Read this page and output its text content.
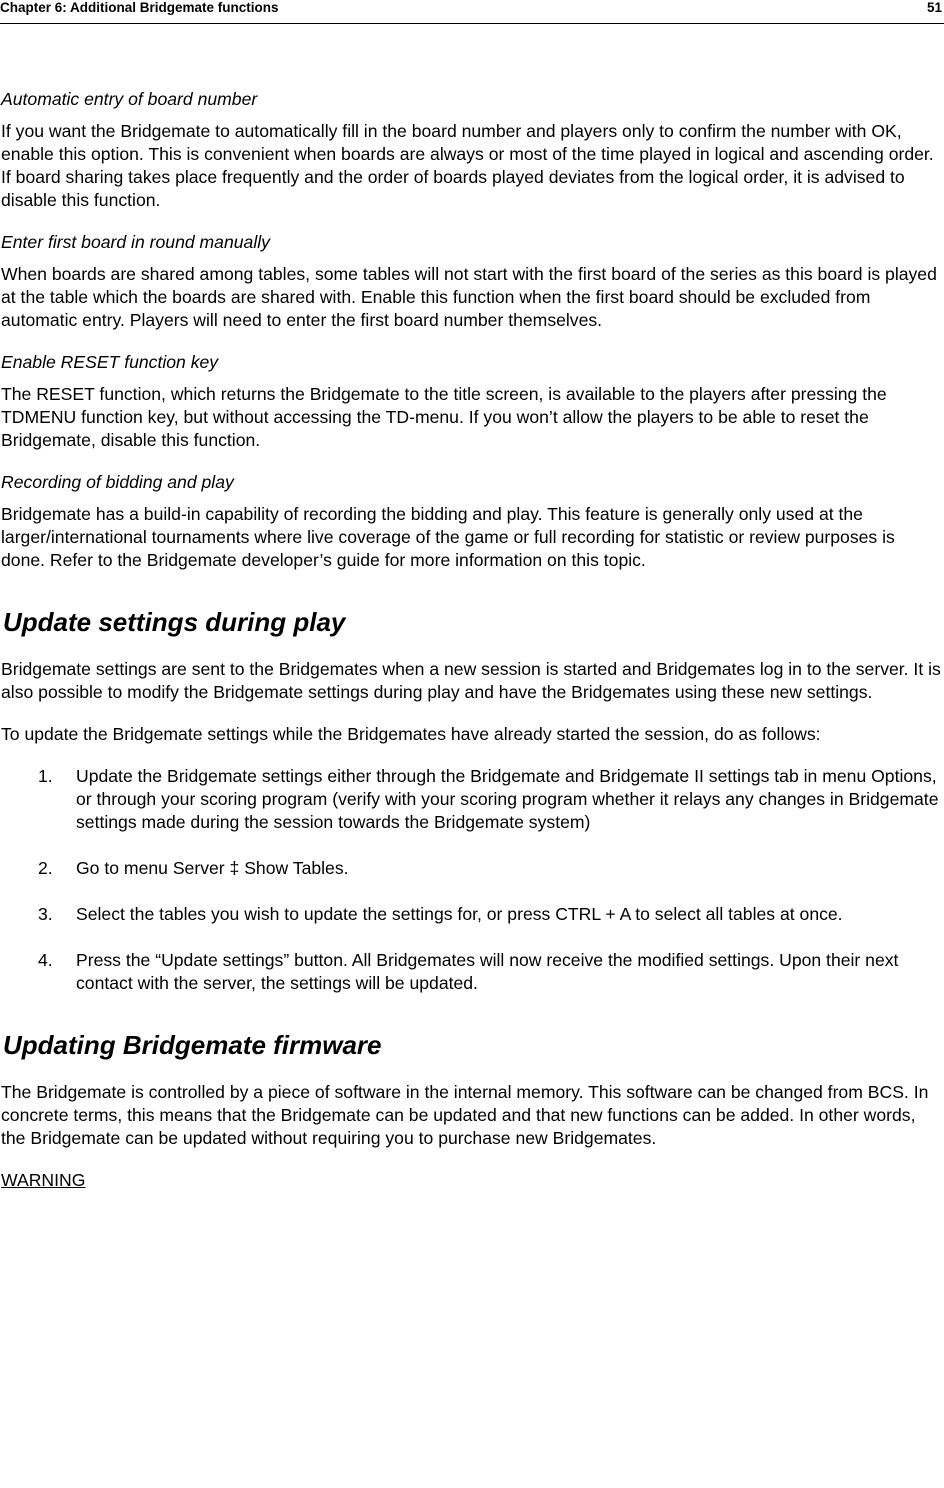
Chapter 6: Additional Bridgemate functions	51

Automatic entry of board number

If you want the Bridgemate to automatically fill in the board number and players only to confirm the number with OK, enable this option. This is convenient when boards are always or most of the time played in logical and ascending order. If board sharing takes place frequently and the order of boards played deviates from the logical order, it is advised to disable this function.

Enter first board in round manually

When boards are shared among tables, some tables will not start with the first board of the series as this board is played at the table which the boards are shared with. Enable this function when the first board should be excluded from automatic entry. Players will need to enter the first board number themselves.

Enable RESET function key

The RESET function, which returns the Bridgemate to the title screen, is available to the players after pressing the TDMENU function key, but without accessing the TD-menu. If you won’t allow the players to be able to reset the Bridgemate, disable this function.

Recording of bidding and play

Bridgemate has a build-in capability of recording the bidding and play. This feature is generally only used at the larger/international tournaments where live coverage of the game or full recording for statistic or review purposes is done. Refer to the Bridgemate developer’s guide for more information on this topic.

Update settings during play

Bridgemate settings are sent to the Bridgemates when a new session is started and Bridgemates log in to the server. It is also possible to modify the Bridgemate settings during play and have the Bridgemates using these new settings.

To update the Bridgemate settings while the Bridgemates have already started the session, do as follows:

1. Update the Bridgemate settings either through the Bridgemate and Bridgemate II settings tab in menu Options, or through your scoring program (verify with your scoring program whether it relays any changes in Bridgemate settings made during the session towards the Bridgemate system)
2. Go to menu Server ‡ Show Tables.
3. Select the tables you wish to update the settings for, or press CTRL + A to select all tables at once.
4. Press the “Update settings” button. All Bridgemates will now receive the modified settings. Upon their next contact with the server, the settings will be updated.
Updating Bridgemate firmware

The Bridgemate is controlled by a piece of software in the internal memory. This software can be changed from BCS. In concrete terms, this means that the Bridgemate can be updated and that new functions can be added. In other words, the Bridgemate can be updated without requiring you to purchase new Bridgemates.

WARNING
